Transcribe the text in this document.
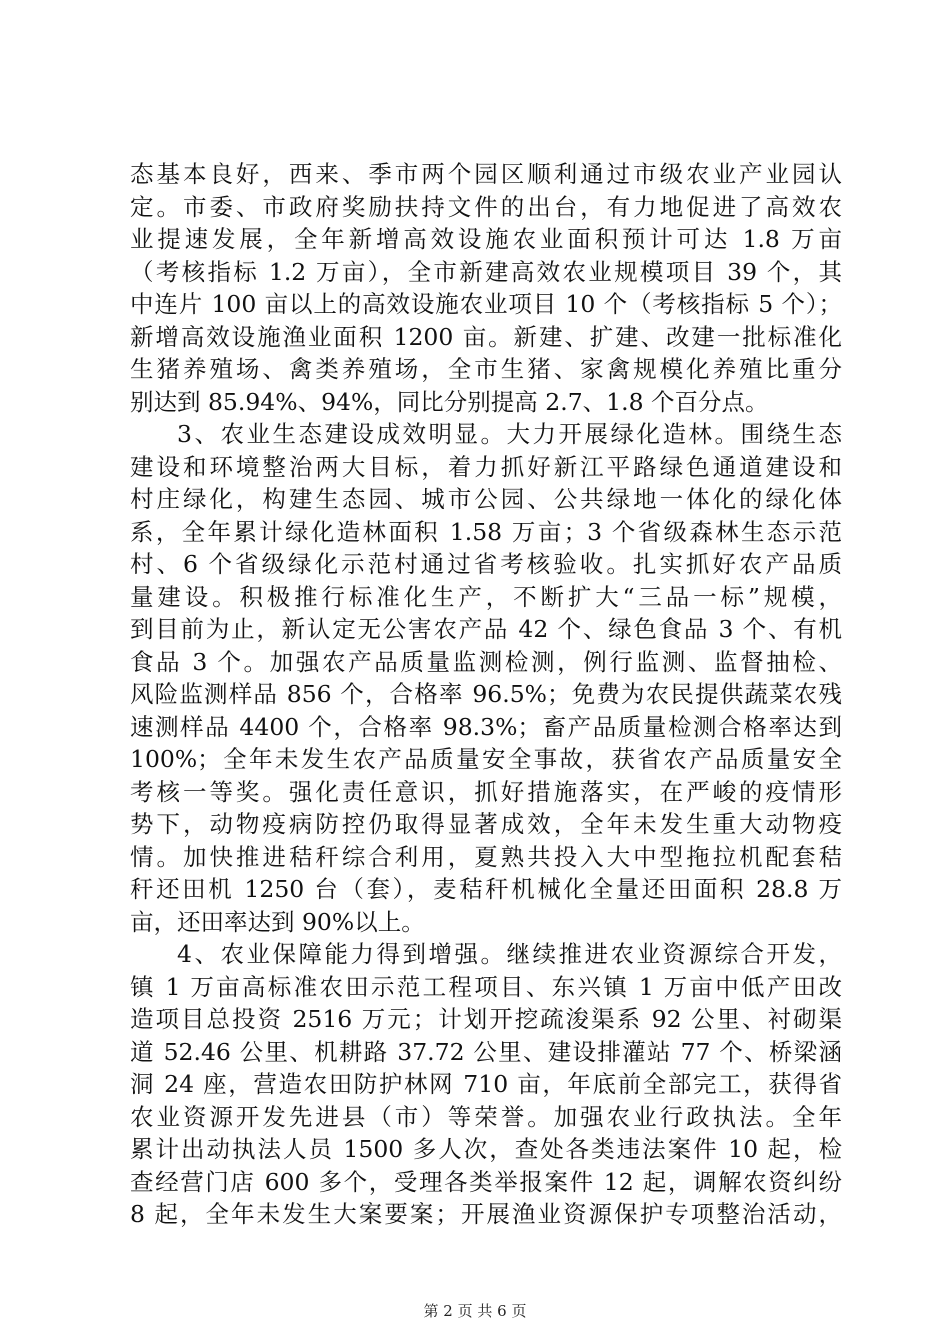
态基本良好，西来、季市两个园区顺利通过市级农业产业园认
定。市委、市政府奖励扶持文件的出台，有力地促进了高效农
业提速发展，全年新增高效设施农业面积预计可达 1.8 万亩
（考核指标 1.2 万亩），全市新建高效农业规模项目 39 个，其
中连片 100 亩以上的高效设施农业项目 10 个（考核指标 5 个）；
新增高效设施渔业面积 1200 亩。新建、扩建、改建一批标准化
生猪养殖场、禽类养殖场，全市生猪、家禽规模化养殖比重分
别达到 85.94%、94%，同比分别提高 2.7、1.8 个百分点。
3、农业生态建设成效明显。大力开展绿化造林。围绕生态
建设和环境整治两大目标，着力抓好新江平路绿色通道建设和
村庄绿化，构建生态园、城市公园、公共绿地一体化的绿化体
系，全年累计绿化造林面积 1.58 万亩；3 个省级森林生态示范
村、6 个省级绿化示范村通过省考核验收。扎实抓好农产品质
量建设。积极推行标准化生产，不断扩大“三品一标”规模，
到目前为止，新认定无公害农产品 42 个、绿色食品 3 个、有机
食品 3 个。加强农产品质量监测检测，例行监测、监督抽检、
风险监测样品 856 个，合格率 96.5%；免费为农民提供蔬菜农残
速测样品 4400 个，合格率 98.3%；畜产品质量检测合格率达到
100%；全年未发生农产品质量安全事故，获省农产品质量安全
考核一等奖。强化责任意识，抓好措施落实，在严峻的疫情形
势下，动物疫病防控仍取得显著成效，全年未发生重大动物疫
情。加快推进秸秆综合利用，夏熟共投入大中型拖拉机配套秸
秆还田机 1250 台（套），麦秸秆机械化全量还田面积 28.8 万
亩，还田率达到 90%以上。
4、农业保障能力得到增强。继续推进农业资源综合开发，
镇 1 万亩高标准农田示范工程项目、东兴镇 1 万亩中低产田改
造项目总投资 2516 万元；计划开挖疏浚渠系 92 公里、衬砌渠
道 52.46 公里、机耕路 37.72 公里、建设排灌站 77 个、桥梁涵
洞 24 座，营造农田防护林网 710 亩，年底前全部完工，获得省
农业资源开发先进县（市）等荣誉。加强农业行政执法。全年
累计出动执法人员 1500 多人次，查处各类违法案件 10 起，检
查经营门店 600 多个，受理各类举报案件 12 起，调解农资纠纷
8 起，全年未发生大案要案；开展渔业资源保护专项整治活动，
第 2 页 共 6 页
